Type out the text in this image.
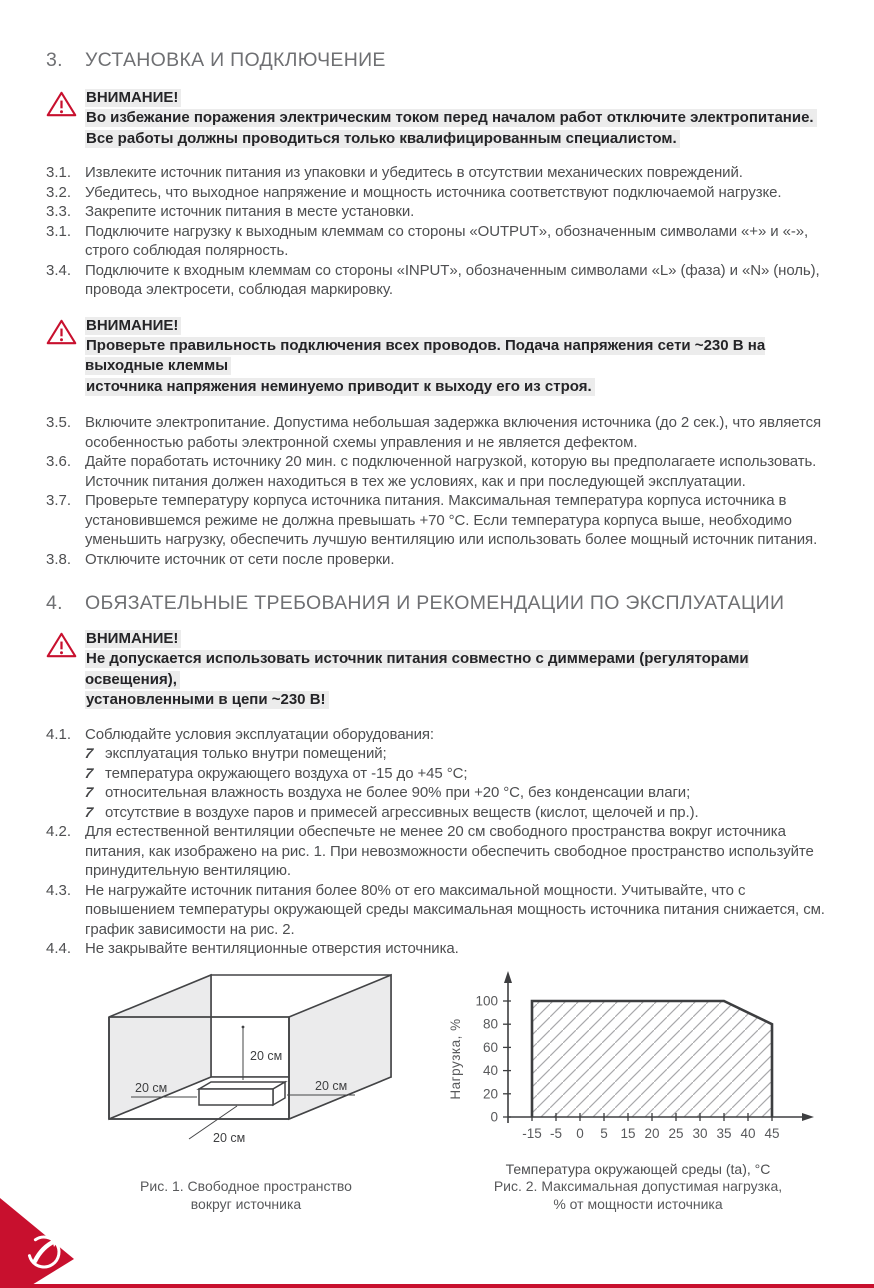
3.	УСТАНОВКА И ПОДКЛЮЧЕНИЕ
ВНИМАНИЕ!
Во избежание поражения электрическим током перед началом работ отключите электропитание.
Все работы должны проводиться только квалифицированным специалистом.
3.1. Извлеките источник питания из упаковки и убедитесь в отсутствии механических повреждений.
3.2. Убедитесь, что выходное напряжение и мощность источника соответствуют подключаемой нагрузке.
3.3. Закрепите источник питания в месте установки.
3.1. Подключите нагрузку к выходным клеммам со стороны «OUTPUT», обозначенным символами «+» и «-», строго соблюдая полярность.
3.4. Подключите к входным клеммам со стороны «INPUT», обозначенным символами «L» (фаза) и «N» (ноль), провода электросети, соблюдая маркировку.
ВНИМАНИЕ!
Проверьте правильность подключения всех проводов. Подача напряжения сети ~230 В на выходные клеммы
источника напряжения неминуемо приводит к выходу его из строя.
3.5. Включите электропитание. Допустима небольшая задержка включения источника (до 2 сек.), что является особенностью работы электронной схемы управления и не является дефектом.
3.6. Дайте поработать источнику 20 мин. с подключенной нагрузкой, которую вы предполагаете использовать. Источник питания должен находиться в тех же условиях, как и при последующей эксплуатации.
3.7. Проверьте температуру корпуса источника питания. Максимальная температура корпуса источника в установившемся режиме не должна превышать +70 °C. Если температура корпуса выше, необходимо уменьшить нагрузку, обеспечить лучшую вентиляцию или использовать более мощный источник питания.
3.8. Отключите источник от сети после проверки.
4.	ОБЯЗАТЕЛЬНЫЕ ТРЕБОВАНИЯ И РЕКОМЕНДАЦИИ ПО ЭКСПЛУАТАЦИИ
ВНИМАНИЕ!
Не допускается использовать источник питания совместно с диммерами (регуляторами освещения),
установленными в цепи ~230 В!
4.1. Соблюдайте условия эксплуатации оборудования:
7 эксплуатация только внутри помещений;
7 температура окружающего воздуха от -15 до +45 °C;
7 относительная влажность воздуха не более 90% при +20 °C, без конденсации влаги;
7 отсутствие в воздухе паров и примесей агрессивных веществ (кислот, щелочей и пр.).
4.2. Для естественной вентиляции обеспечьте не менее 20 см свободного пространства вокруг источника питания, как изображено на рис. 1. При невозможности обеспечить свободное пространство используйте принудительную вентиляцию.
4.3. Не нагружайте источник питания более 80% от его максимальной мощности. Учитывайте, что с повышением температуры окружающей среды максимальная мощность источника питания снижается, см. график зависимости на рис. 2.
4.4. Не закрывайте вентиляционные отверстия источника.
20 см
20 см	20 см
20 см
Рис. 1. Свободное пространство
вокруг источника
Нагрузка, %
0
20
40
60
80
100
-15 -5 0 5 15 20 25 30 35 40 45
Температура окружающей среды (ta), °C
Рис. 2. Максимальная допустимая нагрузка,
% от мощности источника
